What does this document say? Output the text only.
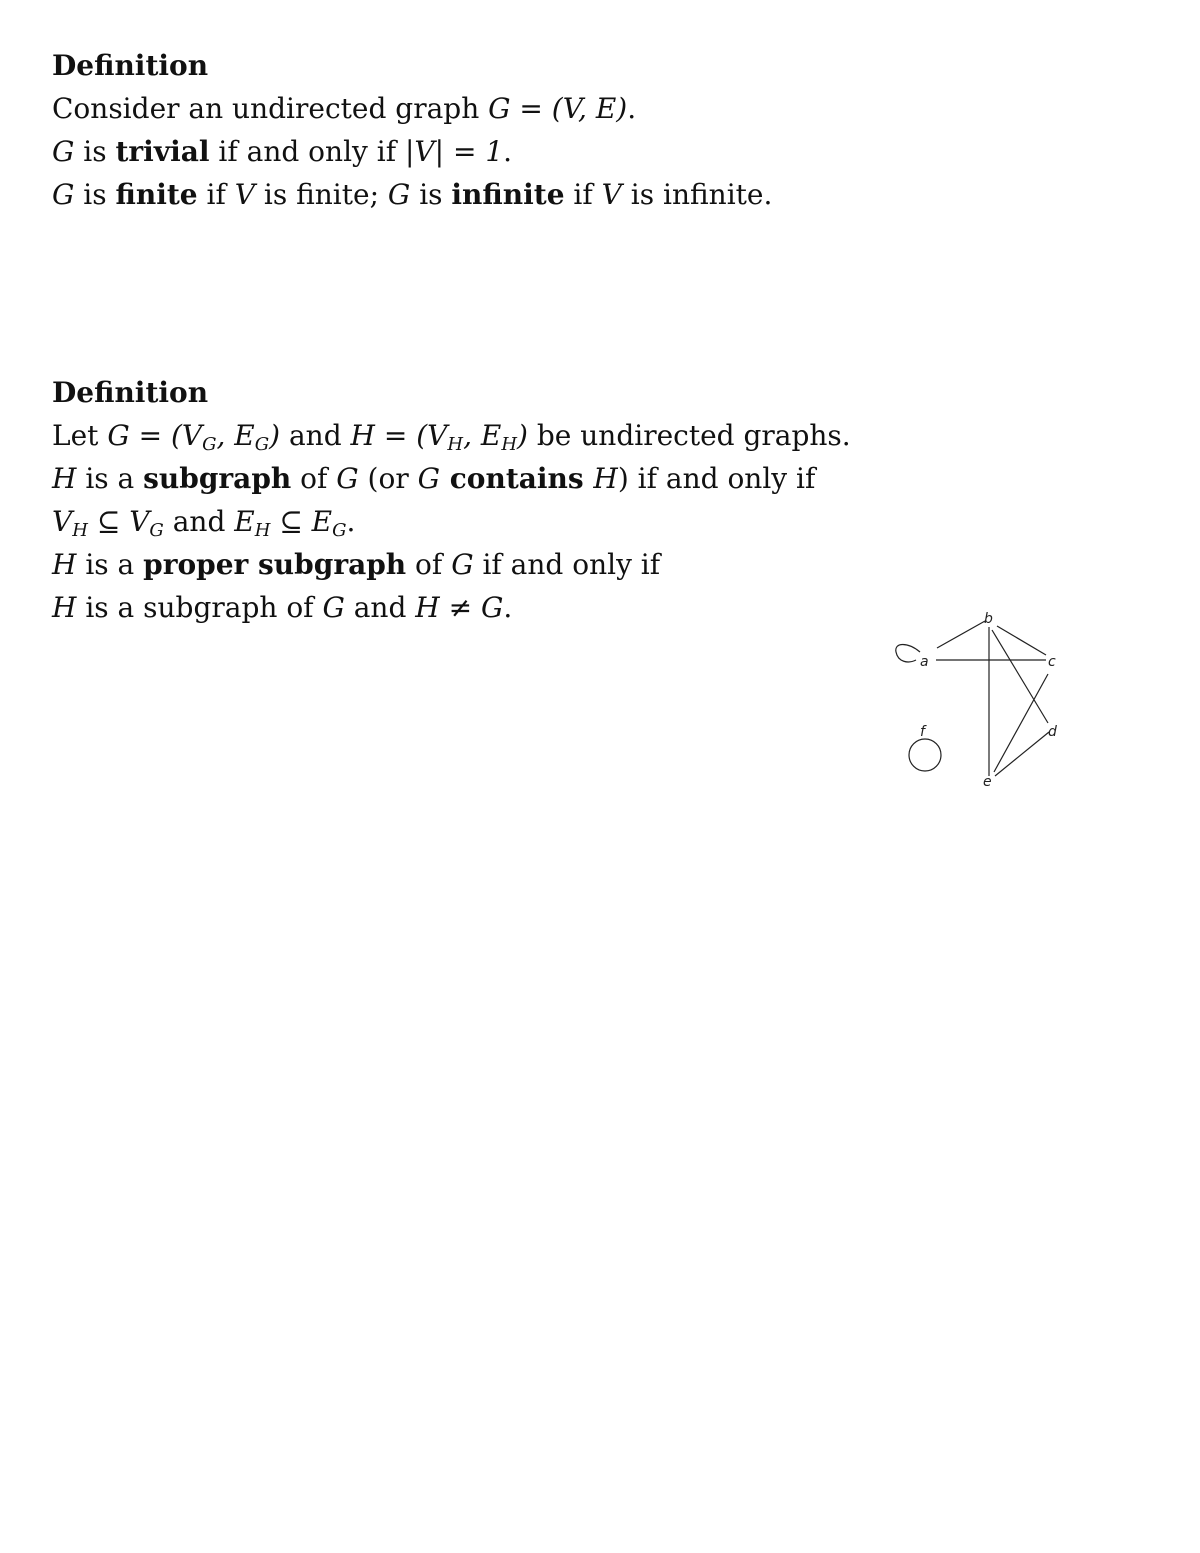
Definition
Consider an undirected graph G = (V, E).
G is trivial if and only if |V| = 1.
G is finite if V is finite; G is infinite if V is infinite.
Definition
Let $G = (V_G$, $E_G$) and $H = (V_H$, $E_H$) be undirected graphs.
H is a subgraph of G (or G contains H) if and only if
$V_H$ ⊆ $V_G$ and $E_H$ ⊆ $E_G$.
H is a proper subgraph of G if and only if
H is a subgraph of G and H ≠ G.
a
b
c
d
e
f
